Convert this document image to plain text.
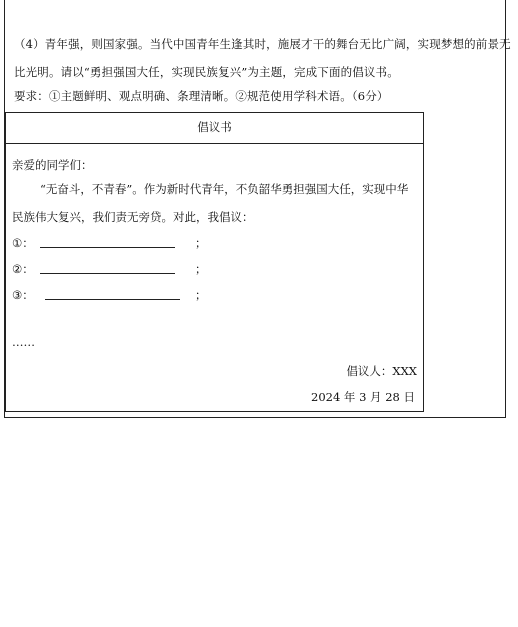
（4）青年强，则国家强。当代中国青年生逢其时，施展才干的舞台无比广阔，实现梦想的前景无
比光明。请以“勇担强国大任，实现民族复兴”为主题，完成下面的倡议书。
要求：①主题鲜明、观点明确、条理清晰。②规范使用学科术语。（6分）
倡议书
亲爱的同学们：
“无奋斗，不青春”。作为新时代青年，不负韶华勇担强国大任，实现中华
民族伟大复兴，我们责无旁贷。对此，我倡议：
①：	；
②：	；
③：	；
……
倡议人：XXX
2024 年 3 月 28 日
